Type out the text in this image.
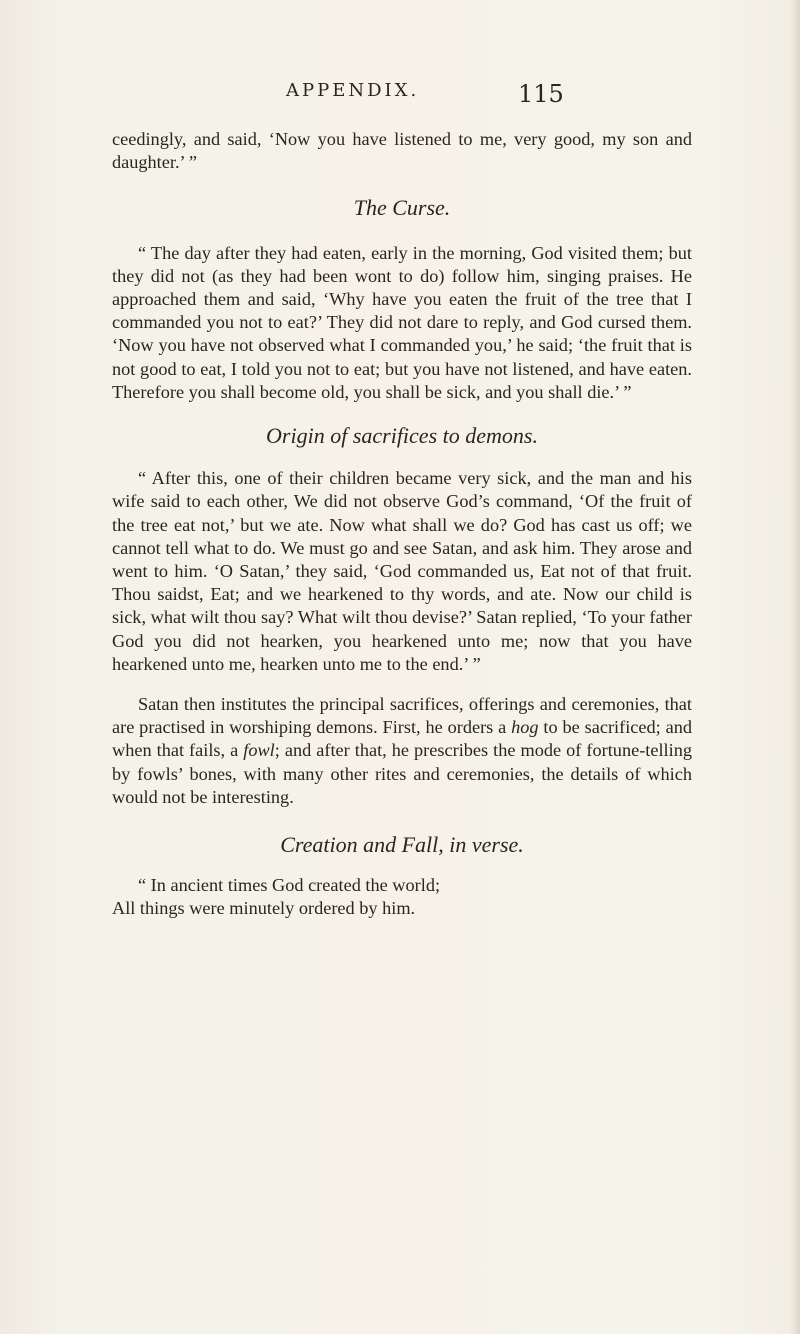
APPENDIX.	115

ceedingly, and said, ‘Now you have listened to me, very good, my son and daughter.’ ”

The Curse.

“ The day after they had eaten, early in the morning, God visited them; but they did not (as they had been wont to do) follow him, singing praises. He approached them and said, ‘Why have you eaten the fruit of the tree that I commanded you not to eat?’ They did not dare to reply, and God cursed them. ‘Now you have not observed what I commanded you,’ he said; ‘the fruit that is not good to eat, I told you not to eat; but you have not listened, and have eaten. Therefore you shall become old, you shall be sick, and you shall die.’ ”

Origin of sacrifices to demons.

“ After this, one of their children became very sick, and the man and his wife said to each other, We did not observe God’s command, ‘Of the fruit of the tree eat not,’ but we ate. Now what shall we do? God has cast us off; we cannot tell what to do. We must go and see Satan, and ask him. They arose and went to him. ‘O Satan,’ they said, ‘God commanded us, Eat not of that fruit. Thou saidst, Eat; and we hearkened to thy words, and ate. Now our child is sick, what wilt thou say? What wilt thou devise?’ Satan replied, ‘To your father God you did not hearken, you hearkened unto me; now that you have hearkened unto me, hearken unto me to the end.’ ”

Satan then institutes the principal sacrifices, offerings and ceremonies, that are practised in worshiping demons. First, he orders a hog to be sacrificed; and when that fails, a fowl; and after that, he prescribes the mode of fortune-telling by fowls’ bones, with many other rites and ceremonies, the details of which would not be interesting.

Creation and Fall, in verse.
“ In ancient times God created the world;
All things were minutely ordered by him.
